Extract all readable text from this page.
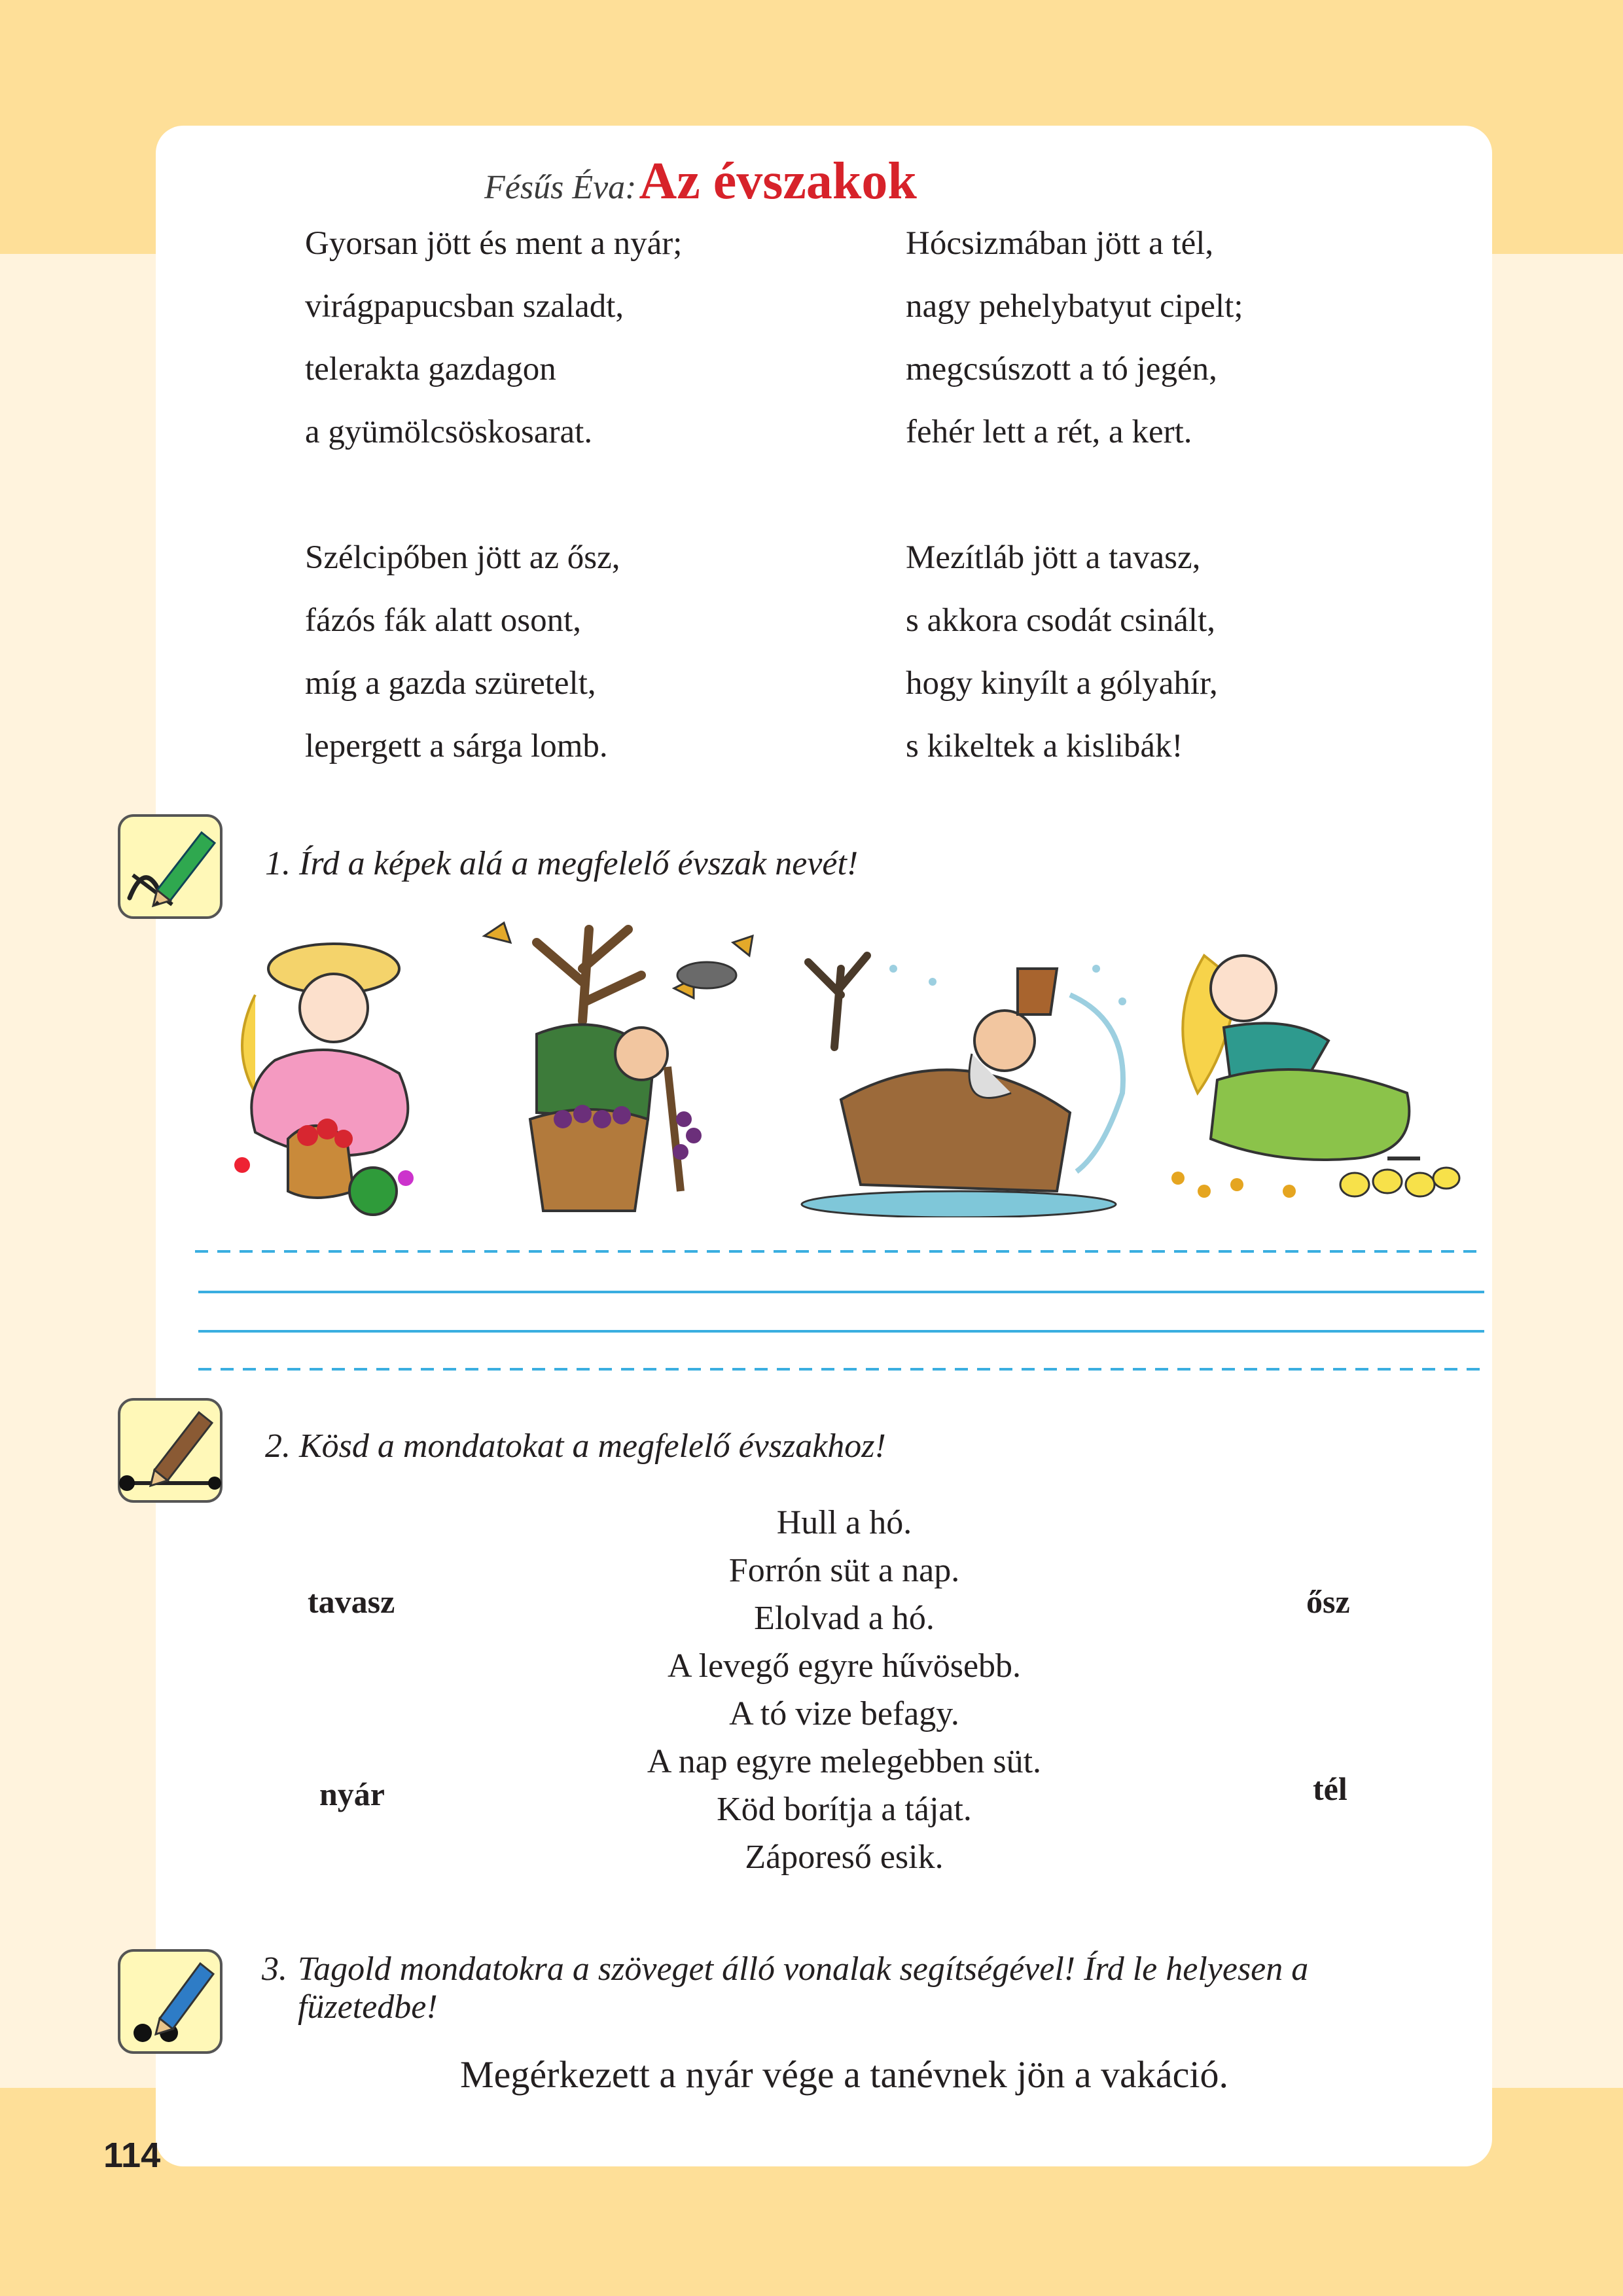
Fésűs Éva: Az évszakok
Gyorsan jött és ment a nyár;
virágpapucsban szaladt,
telerakta gazdagon
a gyümölcsöskosarat.
Hócsizmában jött a tél,
nagy pehelybatyut cipelt;
megcsúszott a tó jegén,
fehér lett a rét, a kert.
Szélcipőben jött az ősz,
fázós fák alatt osont,
míg a gazda szüretelt,
lepergett a sárga lomb.
Mezítláb jött a tavasz,
s akkora csodát csinált,
hogy kinyílt a gólyahír,
s kikeltek a kislibák!
1. Írd a képek alá a megfelelő évszak nevét!
2. Kösd a mondatokat a megfelelő évszakhoz!
tavasz
nyár
ősz
tél
Hull a hó.
Forrón süt a nap.
Elolvad a hó.
A levegő egyre hűvösebb.
A tó vize befagy.
A nap egyre melegebben süt.
Köd borítja a tájat.
Záporeső esik.
3. Tagold mondatokra a szöveget álló vonalak segítségével! Írd le helyesen a
füzetedbe!
Megérkezett a nyár vége a tanévnek jön a vakáció.
114
